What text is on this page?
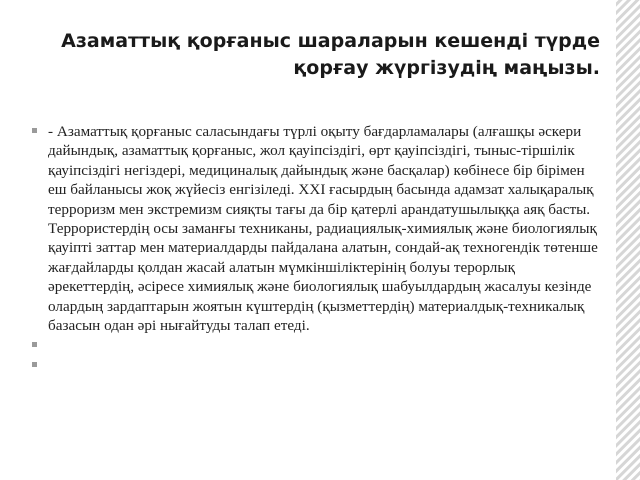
Азаматтық қорғаныс шараларын кешенді түрде қорғау жүргізудің маңызы.
- Азаматтық қорғаныс саласындағы түрлі оқыту бағдарламалары (алғашқы әскери дайындық, азаматтық қорғаныс, жол қауіпсіздігі, өрт қауіпсіздігі, тыныс-тіршілік қауіпсіздігі негіздері, медициналық дайындық және басқалар) көбінесе бір бірімен еш байланысы жоқ жүйесіз енгізіледі. XXI ғасырдың басында адамзат халықаралық терроризм мен экстремизм сияқты тағы да бір қатерлі арандатушылыққа аяқ басты. Террористердің осы заманғы техниканы, радиациялық-химиялық және биологиялық қауіпті заттар мен материалдарды пайдалана алатын, сондай-ақ техногендік төтенше жағдайларды қолдан жасай алатын мүмкіншіліктерінің болуы терорлық әрекеттердің, әсіресе химиялық және биологиялық шабуылдардың жасалуы кезінде олардың зардаптарын жоятын күштердің (қызметтердің) материалдық-техникалық базасын одан әрі нығайтуды талап етеді.
